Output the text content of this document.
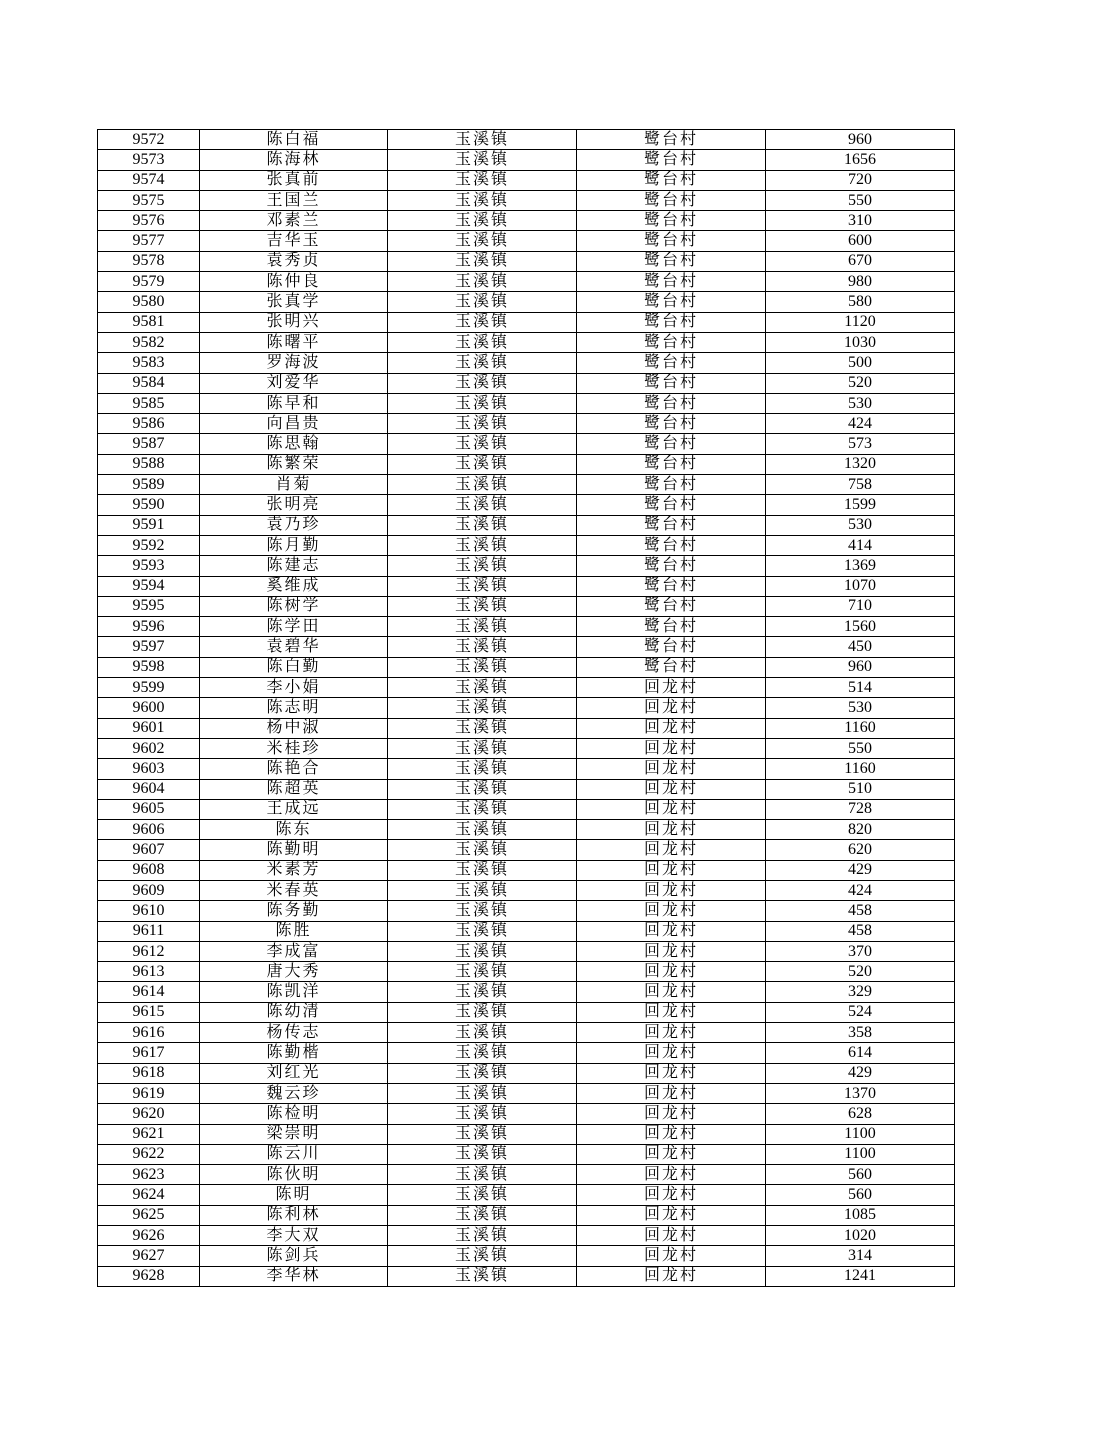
9572	陈白福	玉溪镇	鹭台村	960
9573	陈海林	玉溪镇	鹭台村	1656
9574	张真前	玉溪镇	鹭台村	720
9575	王国兰	玉溪镇	鹭台村	550
9576	邓素兰	玉溪镇	鹭台村	310
9577	吉华玉	玉溪镇	鹭台村	600
9578	袁秀贞	玉溪镇	鹭台村	670
9579	陈仲良	玉溪镇	鹭台村	980
9580	张真学	玉溪镇	鹭台村	580
9581	张明兴	玉溪镇	鹭台村	1120
9582	陈曙平	玉溪镇	鹭台村	1030
9583	罗海波	玉溪镇	鹭台村	500
9584	刘爱华	玉溪镇	鹭台村	520
9585	陈早和	玉溪镇	鹭台村	530
9586	向昌贵	玉溪镇	鹭台村	424
9587	陈思翰	玉溪镇	鹭台村	573
9588	陈繁荣	玉溪镇	鹭台村	1320
9589	肖菊	玉溪镇	鹭台村	758
9590	张明亮	玉溪镇	鹭台村	1599
9591	袁乃珍	玉溪镇	鹭台村	530
9592	陈月勤	玉溪镇	鹭台村	414
9593	陈建志	玉溪镇	鹭台村	1369
9594	奚维成	玉溪镇	鹭台村	1070
9595	陈树学	玉溪镇	鹭台村	710
9596	陈学田	玉溪镇	鹭台村	1560
9597	袁碧华	玉溪镇	鹭台村	450
9598	陈白勤	玉溪镇	鹭台村	960
9599	李小娟	玉溪镇	回龙村	514
9600	陈志明	玉溪镇	回龙村	530
9601	杨中淑	玉溪镇	回龙村	1160
9602	米桂珍	玉溪镇	回龙村	550
9603	陈艳合	玉溪镇	回龙村	1160
9604	陈超英	玉溪镇	回龙村	510
9605	王成远	玉溪镇	回龙村	728
9606	陈东	玉溪镇	回龙村	820
9607	陈勤明	玉溪镇	回龙村	620
9608	米素芳	玉溪镇	回龙村	429
9609	米春英	玉溪镇	回龙村	424
9610	陈务勤	玉溪镇	回龙村	458
9611	陈胜	玉溪镇	回龙村	458
9612	李成富	玉溪镇	回龙村	370
9613	唐大秀	玉溪镇	回龙村	520
9614	陈凯洋	玉溪镇	回龙村	329
9615	陈幼清	玉溪镇	回龙村	524
9616	杨传志	玉溪镇	回龙村	358
9617	陈勤楷	玉溪镇	回龙村	614
9618	刘红光	玉溪镇	回龙村	429
9619	魏云珍	玉溪镇	回龙村	1370
9620	陈检明	玉溪镇	回龙村	628
9621	梁崇明	玉溪镇	回龙村	1100
9622	陈云川	玉溪镇	回龙村	1100
9623	陈伙明	玉溪镇	回龙村	560
9624	陈明	玉溪镇	回龙村	560
9625	陈利林	玉溪镇	回龙村	1085
9626	李大双	玉溪镇	回龙村	1020
9627	陈剑兵	玉溪镇	回龙村	314
9628	李华林	玉溪镇	回龙村	1241
